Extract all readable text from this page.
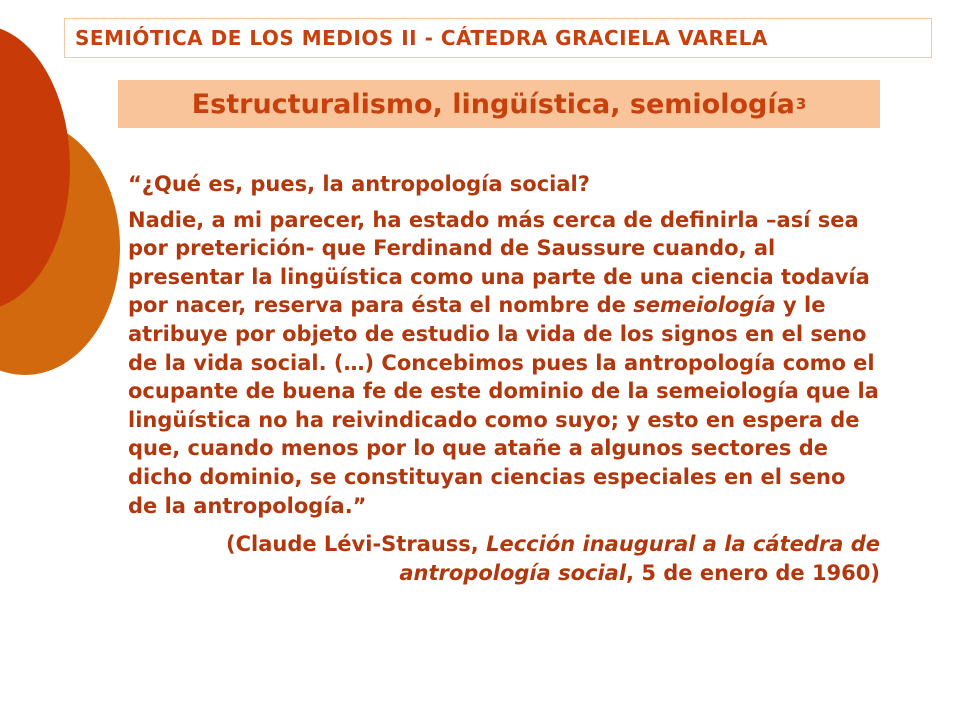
SEMIÓTICA DE LOS MEDIOS II - CÁTEDRA GRACIELA VARELA
Estructuralismo, lingüística, semiología 3

“¿Qué es, pues, la antropología social?

Nadie, a mi parecer, ha estado más cerca de definirla –así sea por preterición- que Ferdinand de Saussure cuando, al presentar la lingüística como una parte de una ciencia todavía por nacer, reserva para ésta el nombre de semeiología y le atribuye por objeto de estudio la vida de los signos en el seno de la vida social. (…) Concebimos pues la antropología como el ocupante de buena fe de este dominio de la semeiología que la lingüística no ha reivindicado como suyo; y esto en espera de que, cuando menos por lo que atañe a algunos sectores de dicho dominio, se constituyan ciencias especiales en el seno de la antropología.”

(Claude Lévi-Strauss, Lección inaugural a la cátedra de antropología social, 5 de enero de 1960)
